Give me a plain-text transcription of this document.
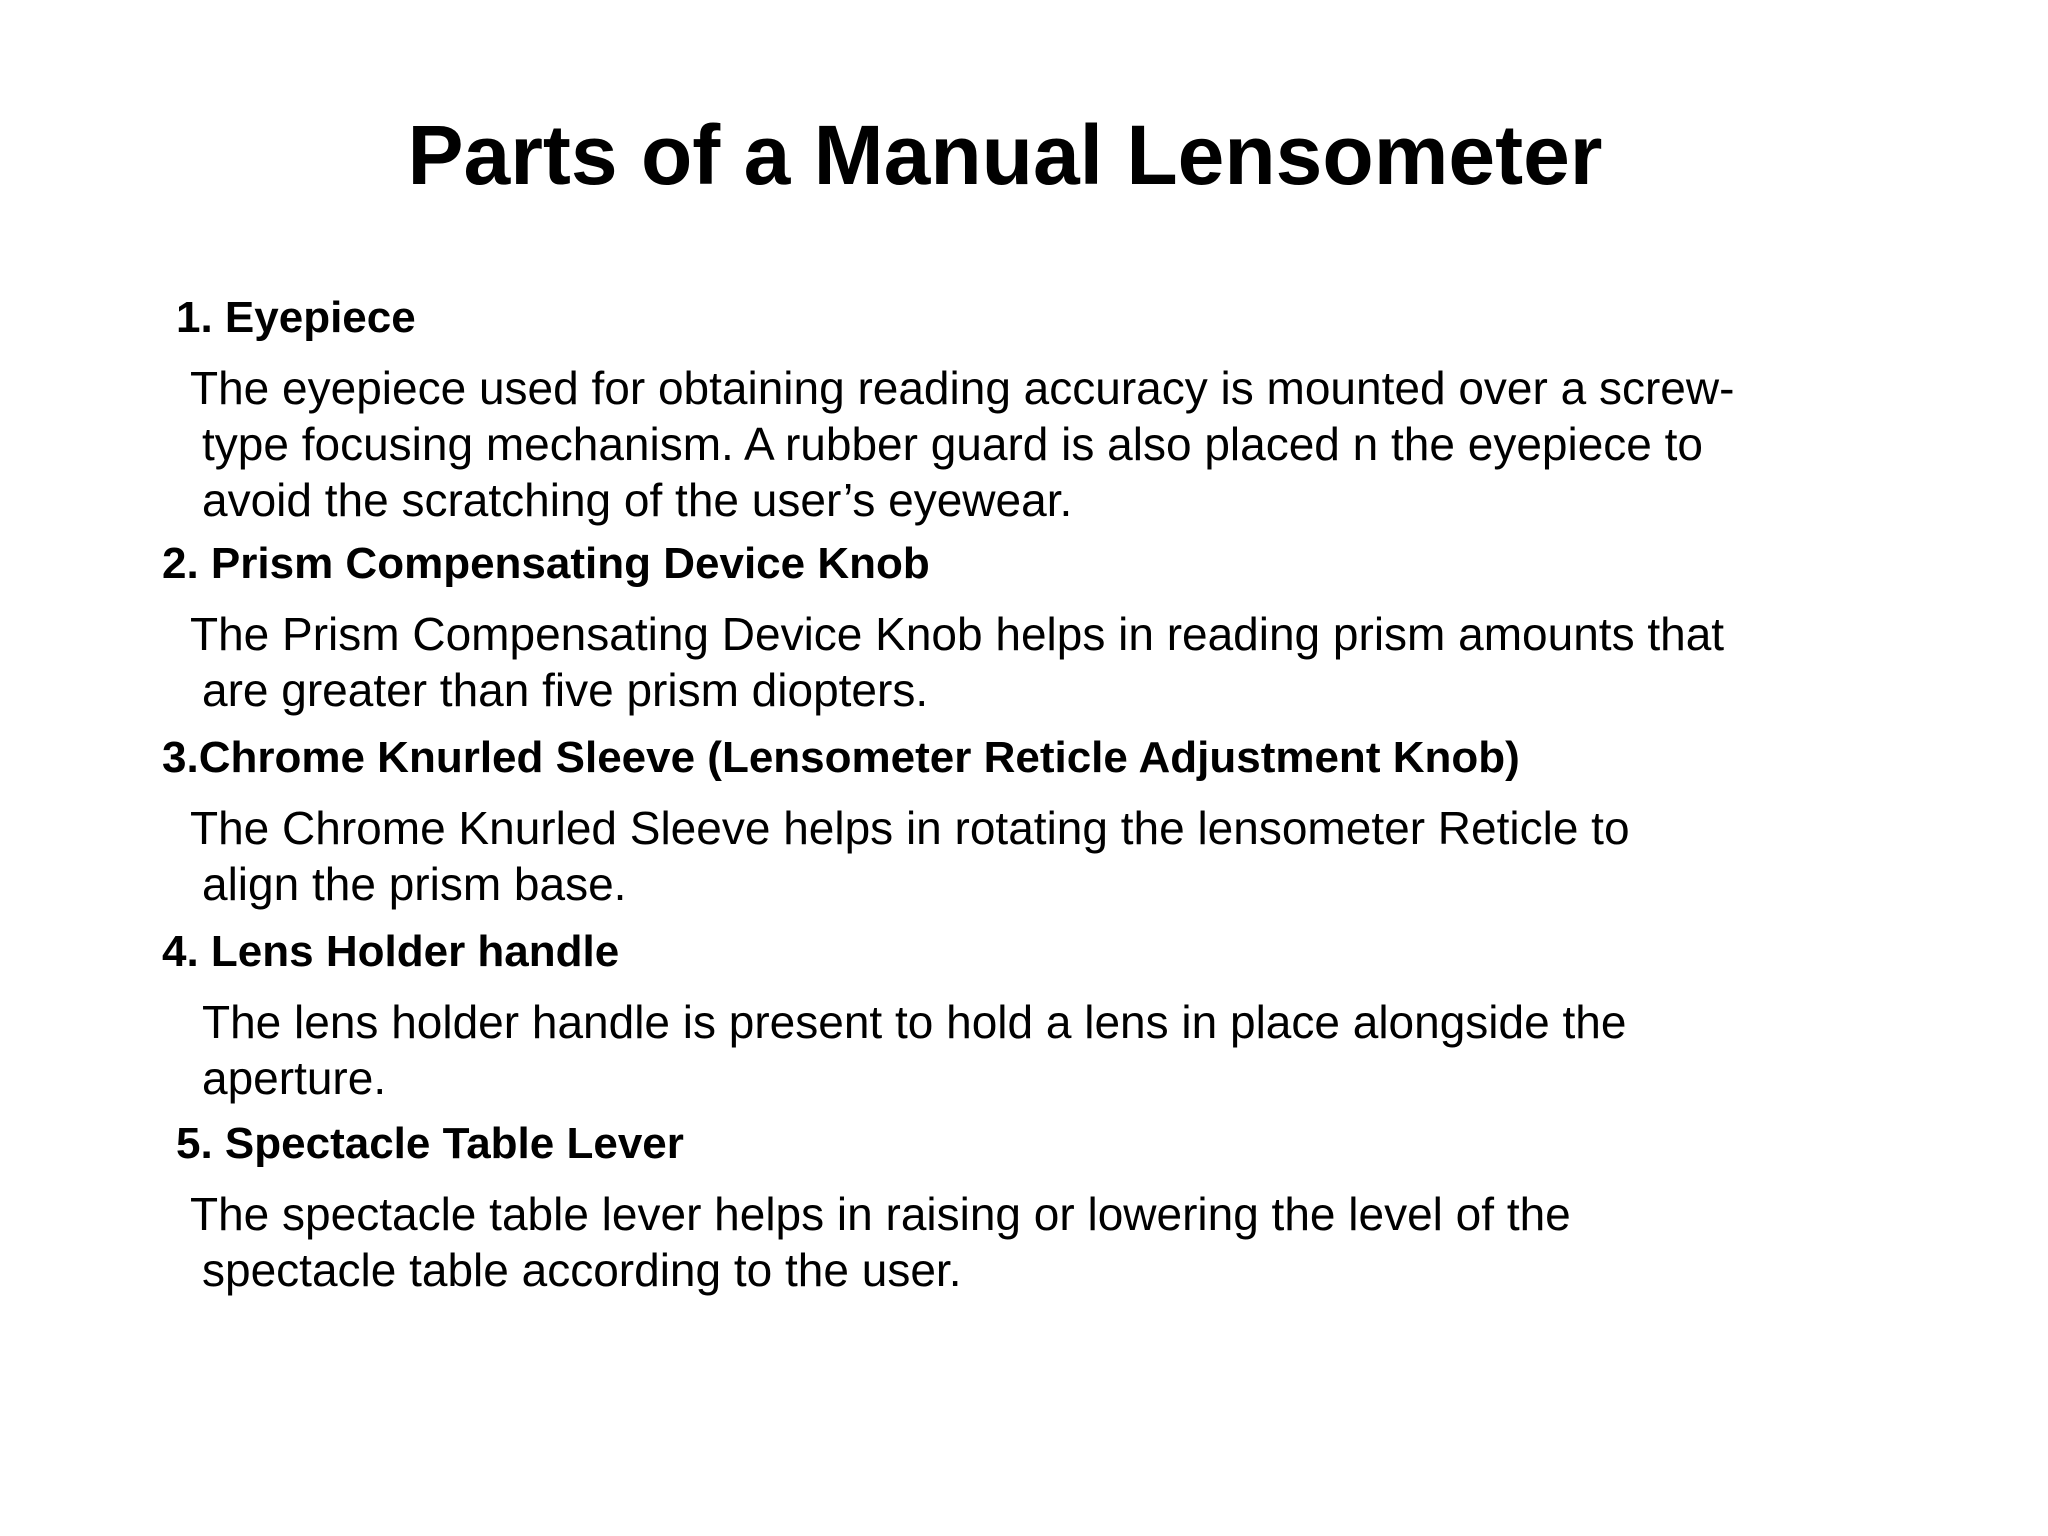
Parts of a Manual Lensometer
1. Eyepiece
The eyepiece used for obtaining reading accuracy is mounted over a screw-
type focusing mechanism. A rubber guard is also placed n the eyepiece to
avoid the scratching of the user’s eyewear.
2. Prism Compensating Device Knob
The Prism Compensating Device Knob helps in reading prism amounts that
are greater than five prism diopters.
3.Chrome Knurled Sleeve (Lensometer Reticle Adjustment Knob)
The Chrome Knurled Sleeve helps in rotating the lensometer Reticle to
align the prism base.
4. Lens Holder handle
The lens holder handle is present to hold a lens in place alongside the
aperture.
5. Spectacle Table Lever
The spectacle table lever helps in raising or lowering the level of the
spectacle table according to the user.
